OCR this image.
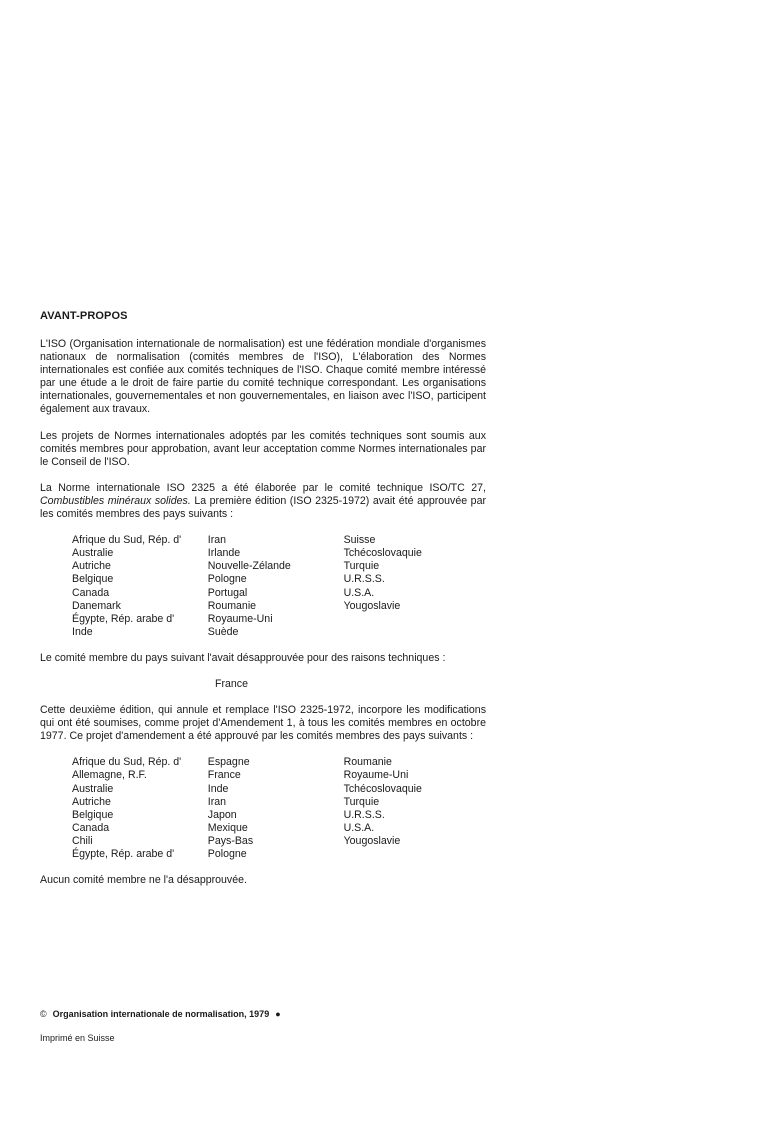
AVANT-PROPOS

L'ISO (Organisation internationale de normalisation) est une fédération mondiale d'organismes nationaux de normalisation (comités membres de l'ISO), L'élaboration des Normes internationales est confiée aux comités techniques de l'ISO. Chaque comité membre intéressé par une étude a le droit de faire partie du comité technique correspondant. Les organisations internationales, gouvernementales et non gouvernementales, en liaison avec l'ISO, participent également aux travaux.

Les projets de Normes internationales adoptés par les comités techniques sont soumis aux comités membres pour approbation, avant leur acceptation comme Normes internationales par le Conseil de l'ISO.

La Norme internationale ISO 2325 a été élaborée par le comité technique ISO/TC 27, Combustibles minéraux solides. La première édition (ISO 2325-1972) avait été approuvée par les comités membres des pays suivants :

Afrique du Sud, Rép. d'
Australie
Autriche
Belgique
Canada
Danemark
Égypte, Rép. arabe d'
Inde
Iran
Irlande
Nouvelle-Zélande
Pologne
Portugal
Roumanie
Royaume-Uni
Suède
Suisse
Tchécoslovaquie
Turquie
U.R.S.S.
U.S.A.
Yougoslavie

Le comité membre du pays suivant l'avait désapprouvée pour des raisons techniques :

France

Cette deuxième édition, qui annule et remplace l'ISO 2325-1972, incorpore les modifications qui ont été soumises, comme projet d'Amendement 1, à tous les comités membres en octobre 1977. Ce projet d'amendement a été approuvé par les comités membres des pays suivants :

Afrique du Sud, Rép. d'
Allemagne, R.F.
Australie
Autriche
Belgique
Canada
Chili
Égypte, Rép. arabe d'
Espagne
France
Inde
Iran
Japon
Mexique
Pays-Bas
Pologne
Roumanie
Royaume-Uni
Tchécoslovaquie
Turquie
U.R.S.S.
U.S.A.
Yougoslavie

Aucun comité membre ne l'a désapprouvée.

© Organisation internationale de normalisation, 1979 ●
Imprimé en Suisse
